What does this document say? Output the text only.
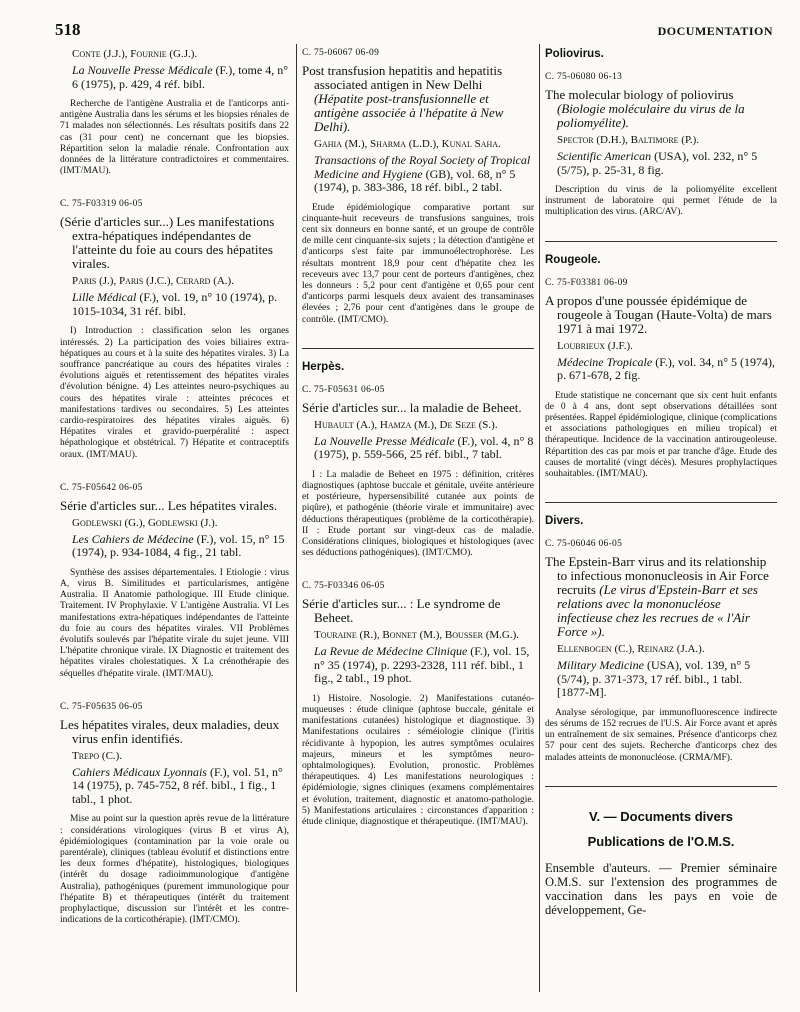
518	DOCUMENTATION

Conte (J.J.), Fournie (G.J.).

La Nouvelle Presse Médicale (F.), tome 4, n° 6 (1975), p. 429, 4 réf. bibl.

Recherche de l'antigène Australia et de l'anticorps anti-antigène Australia dans les sérums et les biopsies rénales de 71 malades non sélectionnés. Les résultats positifs dans 22 cas (31 pour cent) ne concernant que les biopsies. Répartition selon la maladie rénale. Confrontation aux données de la littérature contradictoires et commentaires. (IMT/MAU).

C. 75-F03319 06-05

(Série d'articles sur...) Les manifestations extra-hépatiques indépendantes de l'atteinte du foie au cours des hépatites virales.

Paris (J.), Paris (J.C.), Cerard (A.).

Lille Médical (F.), vol. 19, n° 10 (1974), p. 1015-1034, 31 réf. bibl.

I) Introduction : classification selon les organes intéressés. 2) La participation des voies biliaires extra-hépatiques au cours et à la suite des hépatites virales. 3) La souffrance pancréatique au cours des hépatites virales : évolutions aiguës et retentissement des hépatites virales d'évolution bénigne. 4) Les atteintes neuro-psychiques au cours des hépatites virale : atteintes précoces et manifestations tardives ou secondaires. 5) Les atteintes cardio-respiratoires des hépatites virales aiguës. 6) Hépatites virales et gravido-puerpéralité : aspect hépathologique et obstétrical. 7) Hépatite et contraceptifs oraux. (IMT/MAU).

C. 75-F05642 06-05

Série d'articles sur... Les hépatites virales.

Godlewski (G.), Godlewski (J.).

Les Cahiers de Médecine (F.), vol. 15, n° 15 (1974), p. 934-1084, 4 fig., 21 tabl.

Synthèse des assises départementales. I Etiologie : virus A, virus B. Similitudes et particularismes, antigène Australia. II Anatomie pathologique. III Etude clinique. Traitement. IV Prophylaxie. V L'antigène Australia. VI Les manifestations extra-hépatiques indépendantes de l'atteinte du foie au cours des hépatites virales. VII Problèmes évolutifs soulevés par l'hépatite virale du sujet jeune. VIII L'hépatite chronique virale. IX Diagnostic et traitement des hépatites virales cholestatiques. X La crénothérapie des séquelles d'hépatite virale. (IMT/MAU).

C. 75-F05635 06-05

Les hépatites virales, deux maladies, deux virus enfin identifiés.

Trepo (C.).

Cahiers Médicaux Lyonnais (F.), vol. 51, n° 14 (1975), p. 745-752, 8 réf. bibl., 1 fig., 1 tabl., 1 phot.

Mise au point sur la question après revue de la littérature : considérations virologiques (virus B et virus A), épidémiologiques (contamination par la voie orale ou parentérale), cliniques (tableau évolutif et distinctions entre les deux formes d'hépatite), histologiques, biologiques (intérêt du dosage radioimmunologique d'antigène Australia), pathogéniques (purement immunologique pour l'hépatite B) et thérapeutiques (intérêt du traitement prophylactique, discussion sur l'intérêt et les contre-indications de la corticothérapie). (IMT/CMO).

C. 75-06067 06-09

Post transfusion hepatitis and hepatitis associated antigen in New Delhi (Hépatite post-transfusionnelle et antigène associée à l'hépatite à New Delhi).

Gahia (M.), Sharma (L.D.), Kunal Saha.

Transactions of the Royal Society of Tropical Medicine and Hygiene (GB), vol. 68, n° 5 (1974), p. 383-386, 18 réf. bibl., 2 tabl.

Etude épidémiologique comparative portant sur cinquante-huit receveurs de transfusions sanguines, trois cent six donneurs en bonne santé, et un groupe de contrôle de mille cent cinquante-six sujets ; la détection d'antigène et d'anticorps s'est faite par immunoélectrophorèse. Les résultats montrent 18,9 pour cent d'hépatite chez les receveurs avec 13,7 pour cent de porteurs d'antigènes, chez les donneurs : 5,2 pour cent d'antigène et 0,65 pour cent d'anticorps parmi lesquels deux avaient des transaminases élevées ; 2,76 pour cent d'antigènes dans le groupe de contrôle. (IMT/CMO).

Herpès.

C. 75-F05631 06-05

Série d'articles sur... la maladie de Beheet.

Hubault (A.), Hamza (M.), De Seze (S.).

La Nouvelle Presse Médicale (F.), vol. 4, n° 8 (1975), p. 559-566, 25 réf. bibl., 7 tabl.

I : La maladie de Beheet en 1975 : définition, critères diagnostiques (aphtose buccale et génitale, uvéite antérieure et postérieure, hypersensibilité cutanée aux points de piqûre), et pathogénie (théorie virale et immunitaire) avec déductions thérapeutiques (problème de la corticothérapie). II : Etude portant sur vingt-deux cas de maladie. Considérations cliniques, biologiques et histologiques (avec ses déductions pathogéniques). (IMT/CMO).

C. 75-F03346 06-05

Série d'articles sur... : Le syndrome de Beheet.

Touraine (R.), Bonnet (M.), Bousser (M.G.).

La Revue de Médecine Clinique (F.), vol. 15, n° 35 (1974), p. 2293-2328, 111 réf. bibl., 1 fig., 2 tabl., 19 phot.

1) Histoire. Nosologie. 2) Manifestations cutanéo-muqueuses : étude clinique (aphtose buccale, génitale et manifestations cutanées) histologique et diagnostique. 3) Manifestations oculaires : séméiologie clinique (l'iritis récidivante à hypopion, les autres symptômes oculaires majeurs, mineurs et les symptômes neuro-ophtalmologiques). Evolution, pronostic. Problèmes thérapeutiques. 4) Les manifestations neurologiques : épidémiologie, signes cliniques (examens complémentaires et évolution, traitement, diagnostic et anatomo-pathologie. 5) Manifestations articulaires : circonstances d'apparition : étude clinique, diagnostique et thérapeutique. (IMT/MAU).

Poliovirus.

C. 75-06080 06-13

The molecular biology of poliovirus (Biologie moléculaire du virus de la poliomyélite).

Spector (D.H.), Baltimore (P.).

Scientific American (USA), vol. 232, n° 5 (5/75), p. 25-31, 8 fig.

Description du virus de la poliomyélite excellent instrument de laboratoire qui permet l'étude de la multiplication des virus. (ARC/AV).

Rougeole.

C. 75-F03381 06-09

A propos d'une poussée épidémique de rougeole à Tougan (Haute-Volta) de mars 1971 à mai 1972.

Loubrieux (J.F.).

Médecine Tropicale (F.), vol. 34, n° 5 (1974), p. 671-678, 2 fig.

Etude statistique ne concernant que six cent huit enfants de 0 à 4 ans, dont sept observations détaillées sont présentées. Rappel épidémiologique, clinique (complications et associations pathologiques en milieu tropical) et thérapeutique. Incidence de la vaccination antirougeoleuse. Répartition des cas par mois et par tranche d'âge. Etude des causes de mortalité (vingt décès). Mesures prophylactiques souhaitables. (IMT/MAU).

Divers.

C. 75-06046 06-05

The Epstein-Barr virus and its relationship to infectious mononucleosis in Air Force recruits (Le virus d'Epstein-Barr et ses relations avec la mononucléose infectieuse chez les recrues de « l'Air Force »).

Ellenbogen (C.), Reinarz (J.A.).

Military Medicine (USA), vol. 139, n° 5 (5/74), p. 371-373, 17 réf. bibl., 1 tabl. [1877-M].

Analyse sérologique, par immunofluorescence indirecte des sérums de 152 recrues de l'U.S. Air Force avant et après un entraînement de six semaines. Présence d'anticorps chez 57 pour cent des sujets. Recherche d'anticorps chez des malades atteints de mononucléose. (CRMA/MF).

V. — Documents divers

Publications de l'O.M.S.

Ensemble d'auteurs. — Premier séminaire O.M.S. sur l'extension des programmes de vaccination dans les pays en voie de développement, Ge-
